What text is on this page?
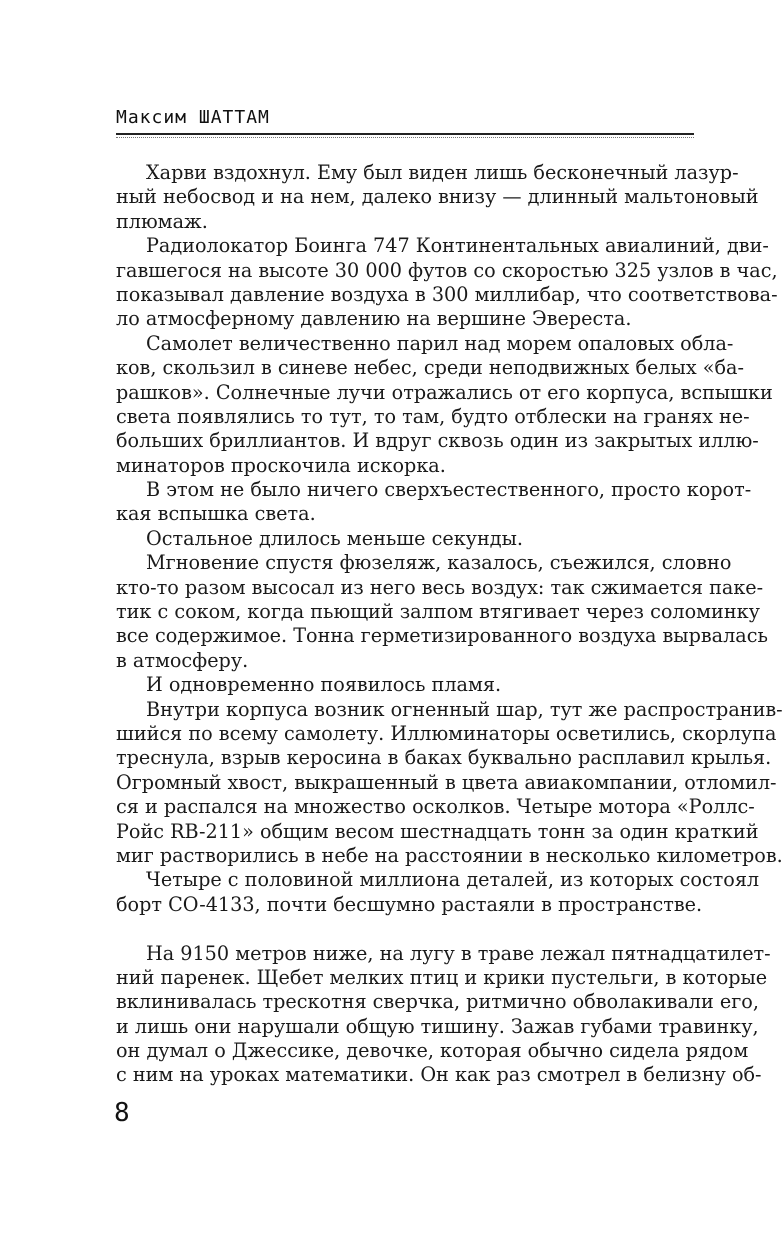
Максим ШАТТАМ
Харви вздохнул. Ему был виден лишь бесконечный лазур-
ный небосвод и на нем, далеко внизу — длинный мальтоновый
плюмаж.
Радиолокатор Боинга 747 Континентальных авиалиний, дви-
гавшегося на высоте 30 000 футов со скоростью 325 узлов в час,
показывал давление воздуха в 300 миллибар, что соответствова-
ло атмосферному давлению на вершине Эвереста.
Самолет величественно парил над морем опаловых обла-
ков, скользил в синеве небес, среди неподвижных белых «ба-
рашков». Солнечные лучи отражались от его корпуса, вспышки
света появлялись то тут, то там, будто отблески на гранях не-
больших бриллиантов. И вдруг сквозь один из закрытых иллю-
минаторов проскочила искорка.
В этом не было ничего сверхъестественного, просто корот-
кая вспышка света.
Остальное длилось меньше секунды.
Мгновение спустя фюзеляж, казалось, съежился, словно
кто-то разом высосал из него весь воздух: так сжимается паке-
тик с соком, когда пьющий залпом втягивает через соломинку
все содержимое. Тонна герметизированного воздуха вырвалась
в атмосферу.
И одновременно появилось пламя.
Внутри корпуса возник огненный шар, тут же распространив-
шийся по всему самолету. Иллюминаторы осветились, скорлупа
треснула, взрыв керосина в баках буквально расплавил крылья.
Огромный хвост, выкрашенный в цвета авиакомпании, отломил-
ся и распался на множество осколков. Четыре мотора «Роллс-
Ройс RB-211» общим весом шестнадцать тонн за один краткий
миг растворились в небе на расстоянии в несколько километров.
Четыре с половиной миллиона деталей, из которых состоял
борт CO-4133, почти бесшумно растаяли в пространстве.
На 9150 метров ниже, на лугу в траве лежал пятнадцатилет-
ний паренек. Щебет мелких птиц и крики пустельги, в которые
вклинивалась трескотня сверчка, ритмично обволакивали его,
и лишь они нарушали общую тишину. Зажав губами травинку,
он думал о Джессике, девочке, которая обычно сидела рядом
с ним на уроках математики. Он как раз смотрел в белизну об-
8
